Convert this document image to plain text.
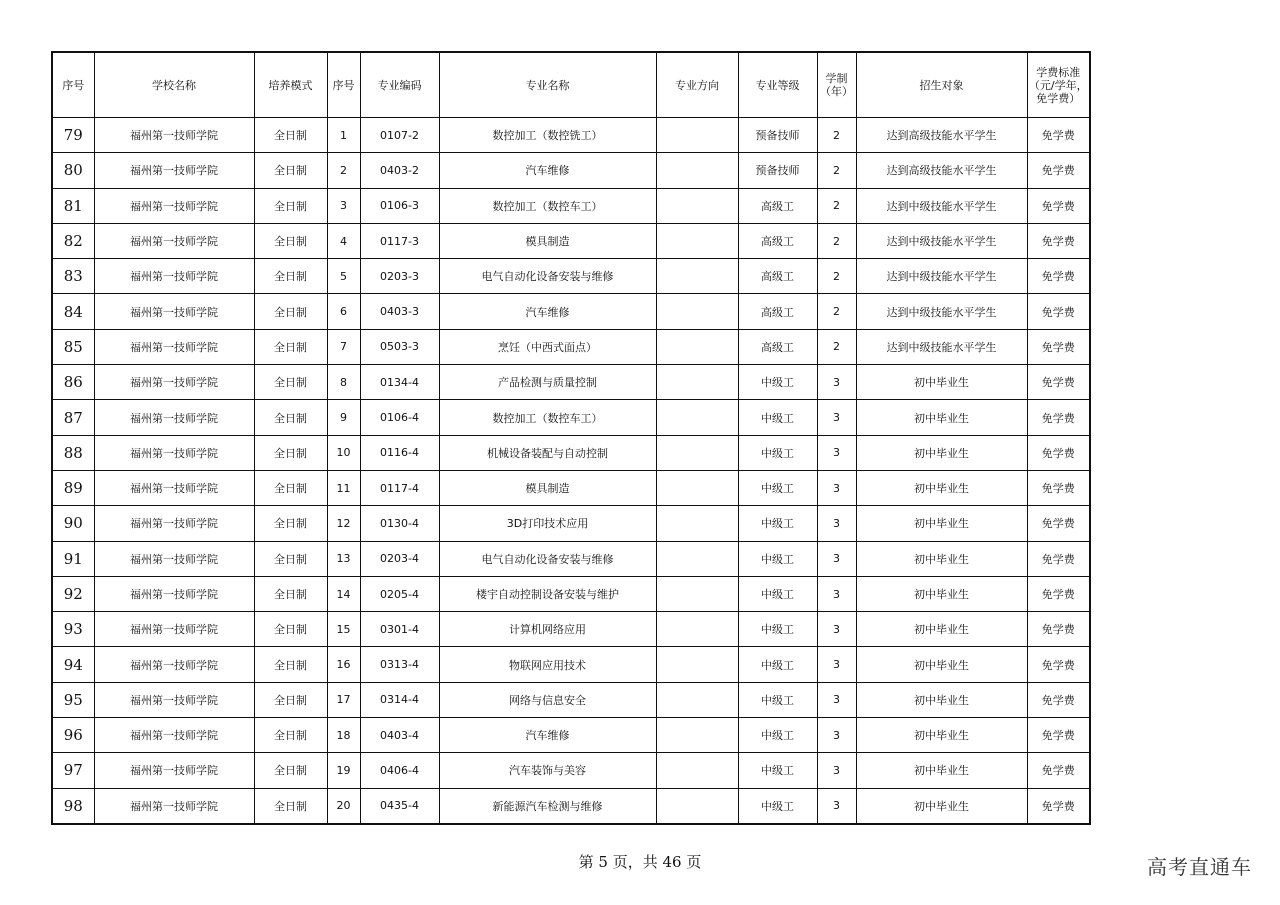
序号	学校名称	培养模式	序号	专业编码	专业名称	专业方向	专业等级	学制（年）	招生对象	学费标准（元/学年，免学费）
79	福州第一技师学院	全日制	1	0107-2	数控加工（数控铣工）		预备技师	2	达到高级技能水平学生	免学费
80	福州第一技师学院	全日制	2	0403-2	汽车维修		预备技师	2	达到高级技能水平学生	免学费
81	福州第一技师学院	全日制	3	0106-3	数控加工（数控车工）		高级工	2	达到中级技能水平学生	免学费
82	福州第一技师学院	全日制	4	0117-3	模具制造		高级工	2	达到中级技能水平学生	免学费
83	福州第一技师学院	全日制	5	0203-3	电气自动化设备安装与维修		高级工	2	达到中级技能水平学生	免学费
84	福州第一技师学院	全日制	6	0403-3	汽车维修		高级工	2	达到中级技能水平学生	免学费
85	福州第一技师学院	全日制	7	0503-3	烹饪（中西式面点）		高级工	2	达到中级技能水平学生	免学费
86	福州第一技师学院	全日制	8	0134-4	产品检测与质量控制		中级工	3	初中毕业生	免学费
87	福州第一技师学院	全日制	9	0106-4	数控加工（数控车工）		中级工	3	初中毕业生	免学费
88	福州第一技师学院	全日制	10	0116-4	机械设备装配与自动控制		中级工	3	初中毕业生	免学费
89	福州第一技师学院	全日制	11	0117-4	模具制造		中级工	3	初中毕业生	免学费
90	福州第一技师学院	全日制	12	0130-4	3D打印技术应用		中级工	3	初中毕业生	免学费
91	福州第一技师学院	全日制	13	0203-4	电气自动化设备安装与维修		中级工	3	初中毕业生	免学费
92	福州第一技师学院	全日制	14	0205-4	楼宇自动控制设备安装与维护		中级工	3	初中毕业生	免学费
93	福州第一技师学院	全日制	15	0301-4	计算机网络应用		中级工	3	初中毕业生	免学费
94	福州第一技师学院	全日制	16	0313-4	物联网应用技术		中级工	3	初中毕业生	免学费
95	福州第一技师学院	全日制	17	0314-4	网络与信息安全		中级工	3	初中毕业生	免学费
96	福州第一技师学院	全日制	18	0403-4	汽车维修		中级工	3	初中毕业生	免学费
97	福州第一技师学院	全日制	19	0406-4	汽车装饰与美容		中级工	3	初中毕业生	免学费
98	福州第一技师学院	全日制	20	0435-4	新能源汽车检测与维修		中级工	3	初中毕业生	免学费
第 5 页，共 46 页	高考直通车
